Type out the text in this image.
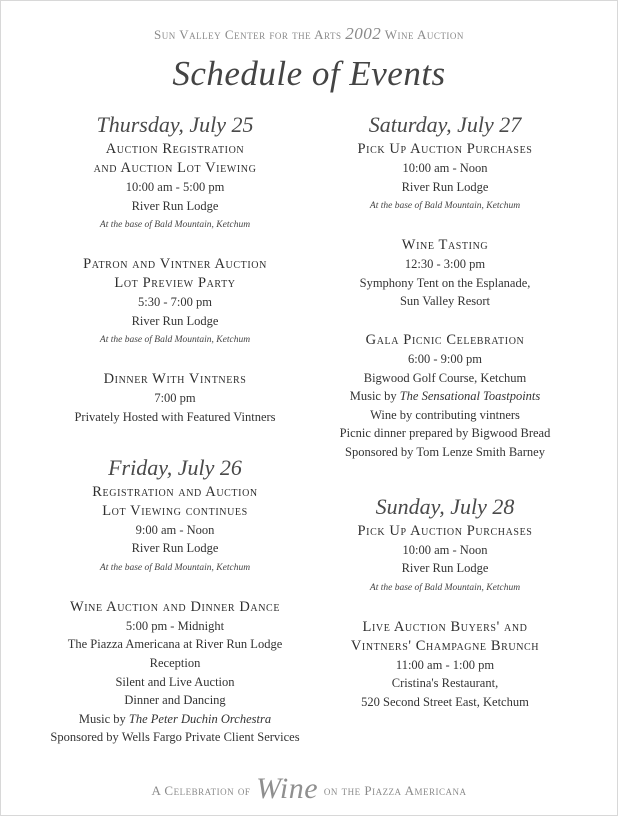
Sun Valley Center for the Arts 2002 Wine Auction
Schedule of Events
Thursday, July 25
Auction Registration
and Auction Lot Viewing
10:00 am - 5:00 pm
River Run Lodge
At the base of Bald Mountain, Ketchum
Patron and Vintner Auction
Lot Preview Party
5:30 - 7:00 pm
River Run Lodge
At the base of Bald Mountain, Ketchum
Dinner With Vintners
7:00 pm
Privately Hosted with Featured Vintners
Friday, July 26
Registration and Auction
Lot Viewing continues
9:00 am - Noon
River Run Lodge
At the base of Bald Mountain, Ketchum
Wine Auction and Dinner Dance
5:00 pm - Midnight
The Piazza Americana at River Run Lodge
Reception
Silent and Live Auction
Dinner and Dancing
Music by The Peter Duchin Orchestra
Sponsored by Wells Fargo Private Client Services
Saturday, July 27
Pick Up Auction Purchases
10:00 am - Noon
River Run Lodge
At the base of Bald Mountain, Ketchum
Wine Tasting
12:30 - 3:00 pm
Symphony Tent on the Esplanade,
Sun Valley Resort
Gala Picnic Celebration
6:00 - 9:00 pm
Bigwood Golf Course, Ketchum
Music by The Sensational Toastpoints
Wine by contributing vintners
Picnic dinner prepared by Bigwood Bread
Sponsored by Tom Lenze Smith Barney
Sunday, July 28
Pick Up Auction Purchases
10:00 am - Noon
River Run Lodge
At the base of Bald Mountain, Ketchum
Live Auction Buyers' and
Vintners' Champagne Brunch
11:00 am - 1:00 pm
Cristina's Restaurant,
520 Second Street East, Ketchum
A Celebration of Wine on the Piazza Americana
